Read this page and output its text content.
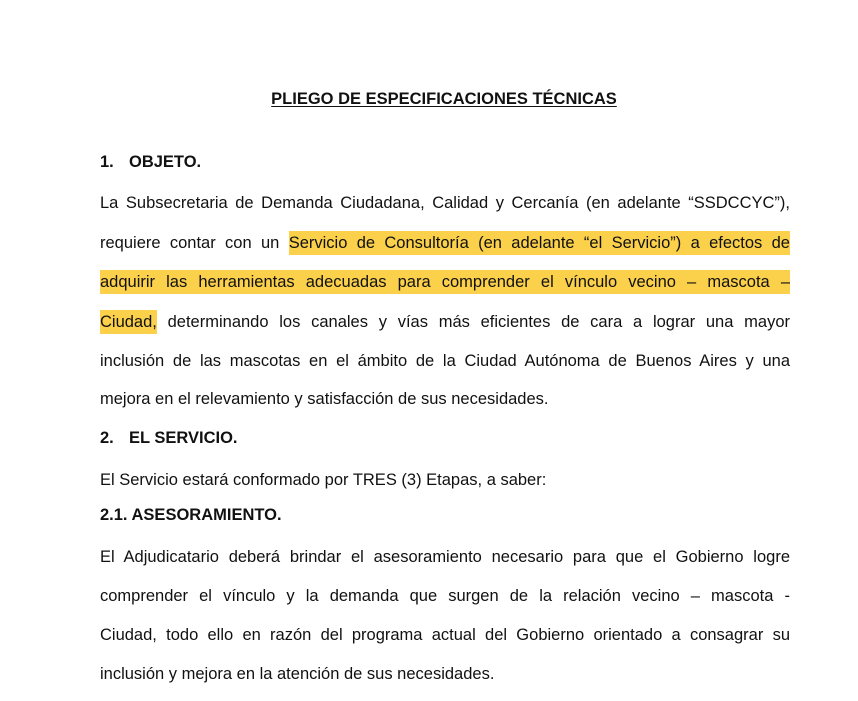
PLIEGO DE ESPECIFICACIONES TÉCNICAS
1. OBJETO.
La Subsecretaria de Demanda Ciudadana, Calidad y Cercanía (en adelante “SSDCCYC”),
requiere contar con un Servicio de Consultoría (en adelante “el Servicio”) a efectos de
adquirir las herramientas adecuadas para comprender el vínculo vecino – mascota –
Ciudad, determinando los canales y vías más eficientes de cara a lograr una mayor
inclusión de las mascotas en el ámbito de la Ciudad Autónoma de Buenos Aires y una
mejora en el relevamiento y satisfacción de sus necesidades.
2. EL SERVICIO.
El Servicio estará conformado por TRES (3) Etapas, a saber:
2.1. ASESORAMIENTO.
El Adjudicatario deberá brindar el asesoramiento necesario para que el Gobierno logre
comprender el vínculo y la demanda que surgen de la relación vecino – mascota -
Ciudad, todo ello en razón del programa actual del Gobierno orientado a consagrar su
inclusión y mejora en la atención de sus necesidades.
